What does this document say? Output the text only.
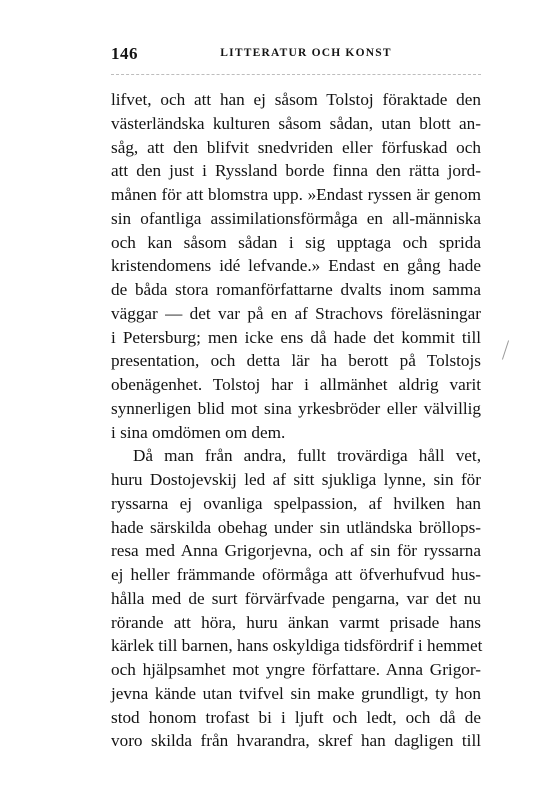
146	LITTERATUR OCH KONST
lifvet, och att han ej såsom Tolstoj föraktade den
västerländska kulturen såsom sådan, utan blott an-
såg, att den blifvit snedvriden eller förfuskad och
att den just i Ryssland borde finna den rätta jord-
månen för att blomstra upp. »Endast ryssen är genom
sin ofantliga assimilationsförmåga en all-människa
och kan såsom sådan i sig upptaga och sprida
kristendomens idé lefvande.» Endast en gång hade
de båda stora romanförfattarne dvalts inom samma
väggar — det var på en af Strachovs föreläsningar
i Petersburg; men icke ens då hade det kommit till
presentation, och detta lär ha berott på Tolstojs
obenägenhet. Tolstoj har i allmänhet aldrig varit
synnerligen blid mot sina yrkesbröder eller välvillig
i sina omdömen om dem.
Då man från andra, fullt trovärdiga håll vet,
huru Dostojevskij led af sitt sjukliga lynne, sin för
ryssarna ej ovanliga spelpassion, af hvilken han
hade särskilda obehag under sin utländska bröllops-
resa med Anna Grigorjevna, och af sin för ryssarna
ej heller främmande oförmåga att öfverhufvud hus-
hålla med de surt förvärfvade pengarna, var det nu
rörande att höra, huru änkan varmt prisade hans
kärlek till barnen, hans oskyldiga tidsfördrif i hemmet
och hjälpsamhet mot yngre författare. Anna Grigor-
jevna kände utan tvifvel sin make grundligt, ty hon
stod honom trofast bi i ljuft och ledt, och då de
voro skilda från hvarandra, skref han dagligen till
